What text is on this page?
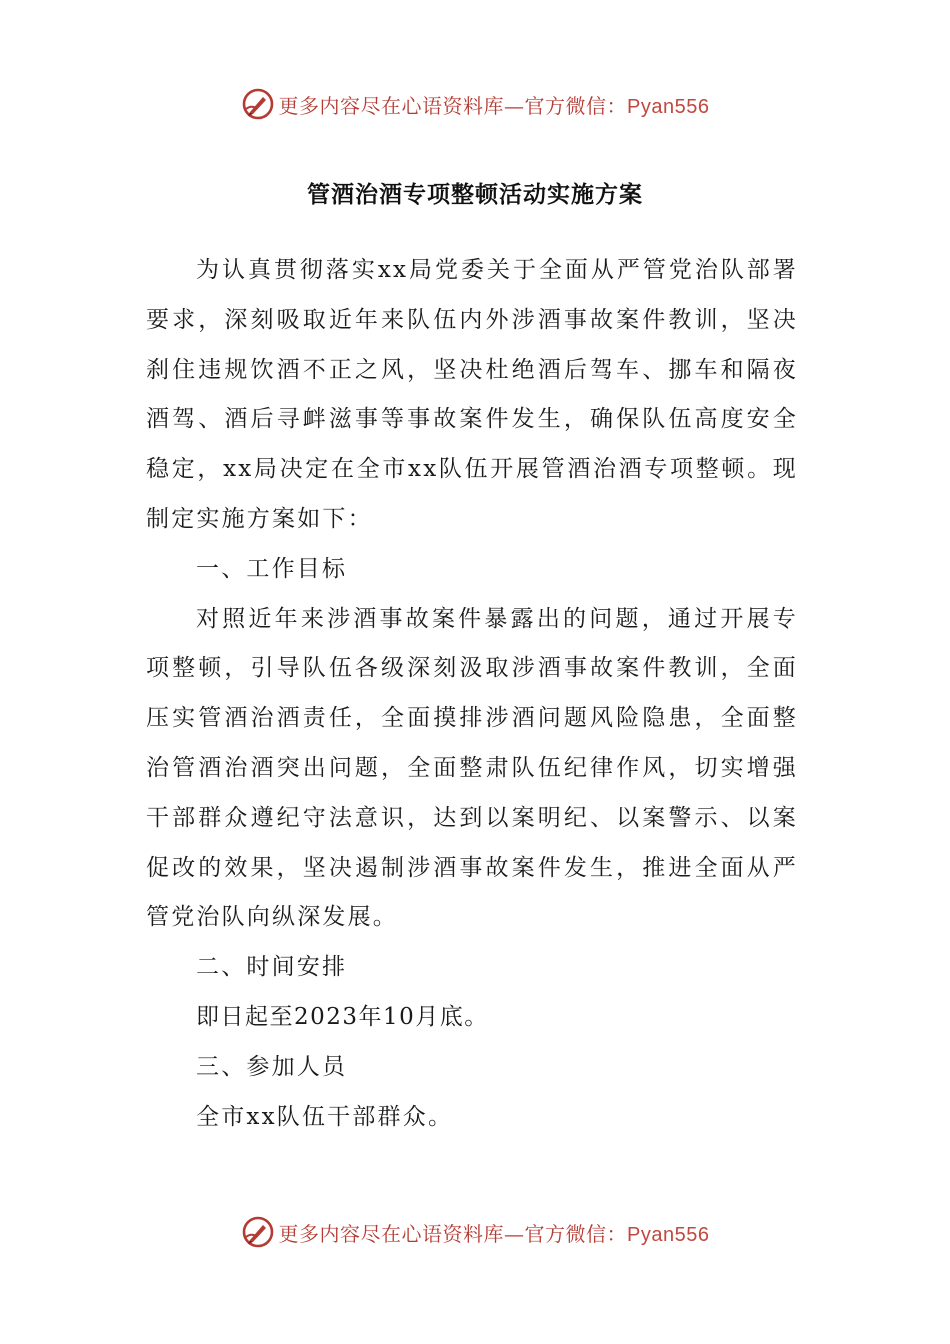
更多内容尽在心语资料库—官方微信：Pyan556
管酒治酒专项整顿活动实施方案

为认真贯彻落实xx局党委关于全面从严管党治队部署要求，深刻吸取近年来队伍内外涉酒事故案件教训，坚决刹住违规饮酒不正之风，坚决杜绝酒后驾车、挪车和隔夜酒驾、酒后寻衅滋事等事故案件发生，确保队伍高度安全稳定，xx局决定在全市xx队伍开展管酒治酒专项整顿。现制定实施方案如下：

一、工作目标

对照近年来涉酒事故案件暴露出的问题，通过开展专项整顿，引导队伍各级深刻汲取涉酒事故案件教训，全面压实管酒治酒责任，全面摸排涉酒问题风险隐患，全面整治管酒治酒突出问题，全面整肃队伍纪律作风，切实增强干部群众遵纪守法意识，达到以案明纪、以案警示、以案促改的效果，坚决遏制涉酒事故案件发生，推进全面从严管党治队向纵深发展。

二、时间安排

即日起至2023年10月底。

三、参加人员

全市xx队伍干部群众。

更多内容尽在心语资料库—官方微信：Pyan556
